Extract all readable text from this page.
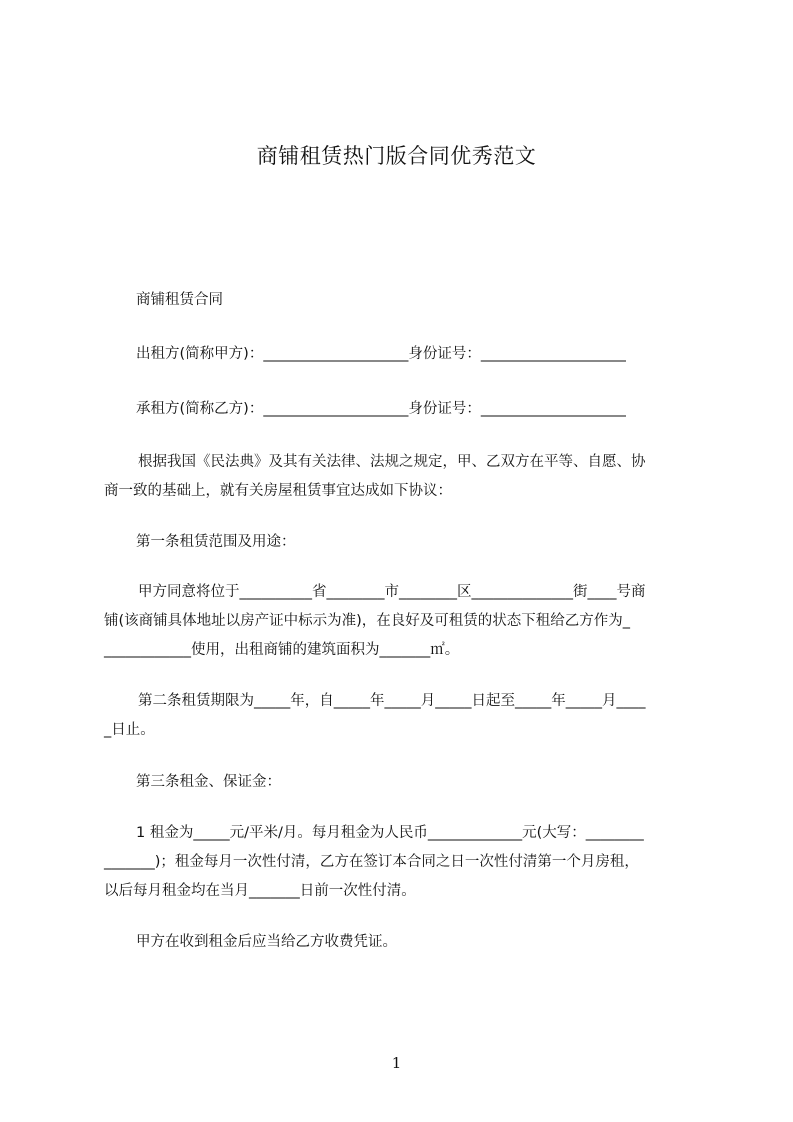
商铺租赁热门版合同优秀范文
商铺租赁合同
出租方(简称甲方)：____________________身份证号：____________________
承租方(简称乙方)：____________________身份证号：____________________
根据我国《民法典》及其有关法律、法规之规定，甲、乙双方在平等、自愿、协
商一致的基础上，就有关房屋租赁事宜达成如下协议：
第一条租赁范围及用途：
甲方同意将位于__________省________市________区______________街____号商
铺(该商铺具体地址以房产证中标示为准)，在良好及可租赁的状态下租给乙方作为_
____________使用，出租商铺的建筑面积为_______㎡。
第二条租赁期限为_____年，自_____年_____月_____日起至_____年_____月____
_日止。
第三条租金、保证金：
1 租金为_____元/平米/月。每月租金为人民币_____________元(大写：________
_______)；租金每月一次性付清，乙方在签订本合同之日一次性付清第一个月房租，
以后每月租金均在当月_______日前一次性付清。
甲方在收到租金后应当给乙方收费凭证。
1
